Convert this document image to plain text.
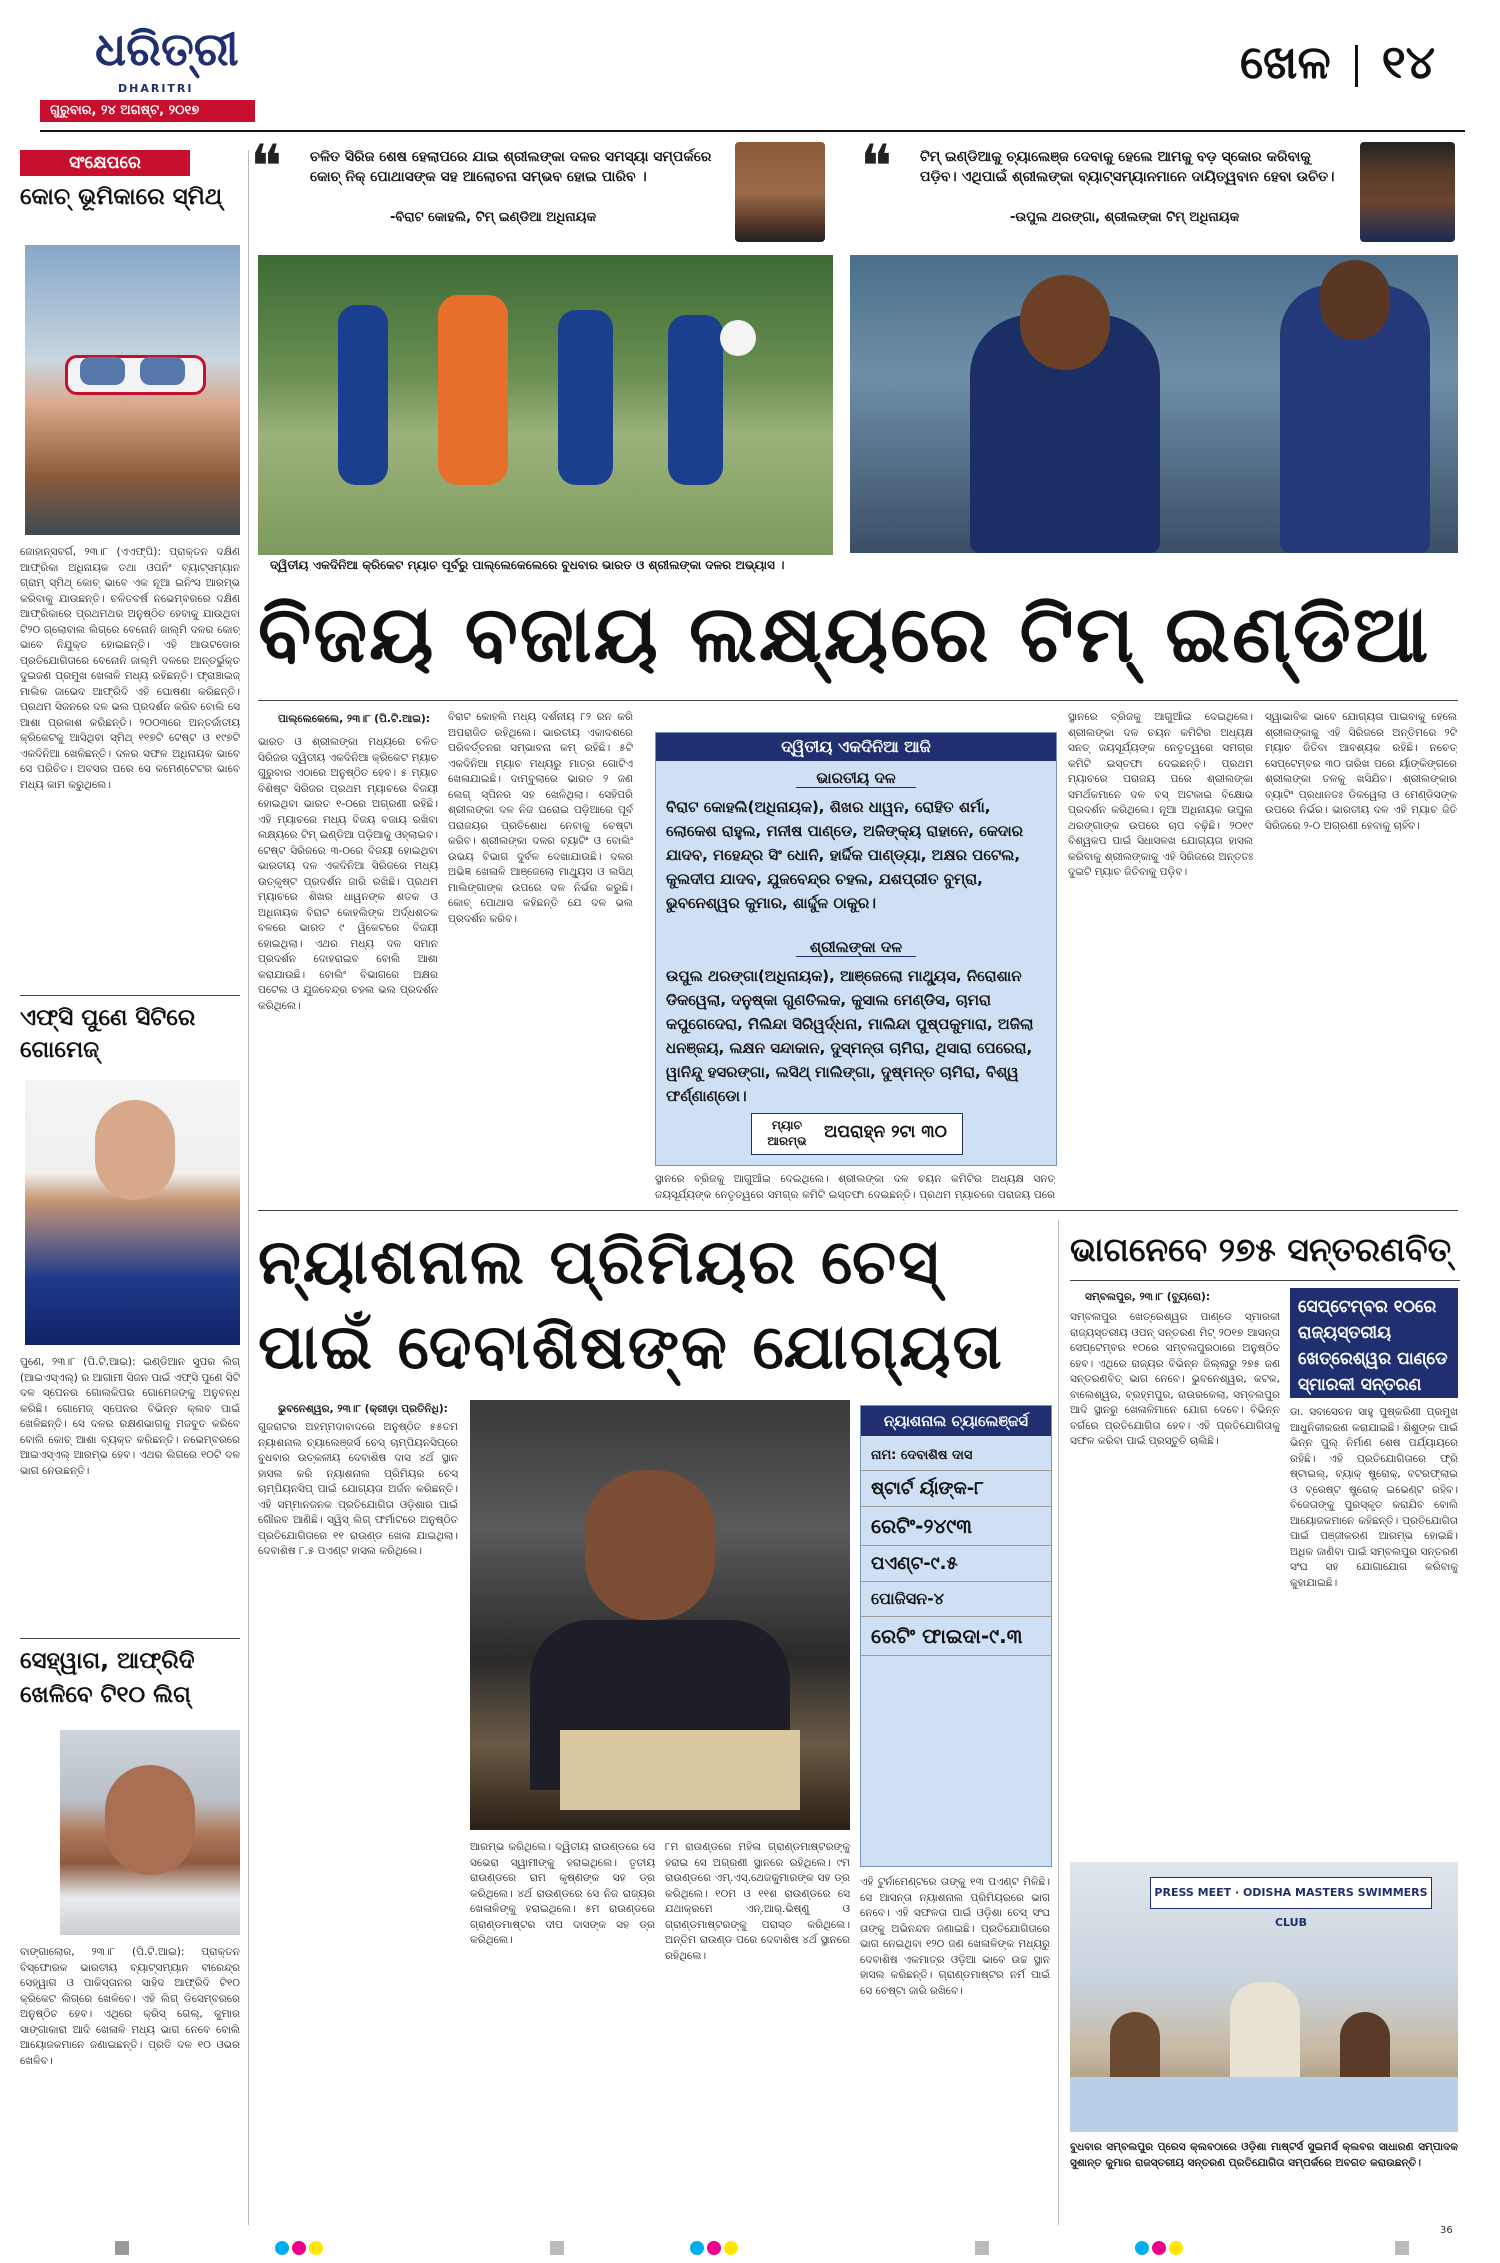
ଧରିତ୍ରୀ
DHARITRI
ଗୁରୁବାର, ୨୪ ଅଗଷ୍ଟ, ୨୦୧୭
ଖେଳ ୧୪
ସଂକ୍ଷେପରେ
କୋଚ୍ ଭୂମିକାରେ ସ୍ମିଥ୍
ଜୋହାନ୍ସବର୍ଗ, ୨୩।୮ (ଏଏଫ୍ପି): ପ୍ରାକ୍ତନ ଦକ୍ଷିଣ ଆଫ୍ରିକା ଅଧିନାୟକ ତଥା ଓପନିଂ ବ୍ୟାଟ୍ସମ୍ୟାନ ଗ୍ରାମ୍ ସ୍ମିଥ୍ କୋଚ୍ ଭାବେ ଏକ ନୂଆ ଇନିଂସ ଆରମ୍ଭ କରିବାକୁ ଯାଉଛନ୍ତି। ଚଳିତବର୍ଷ ନଭେମ୍ବରରେ ଦକ୍ଷିଣ ଆଫ୍ରିକାରେ ପ୍ରଥମଥର ଅନୁଷ୍ଠିତ ହେବାକୁ ଯାଉଥିବା ଟି୨୦ ଗ୍ଲୋବାଲ ଲିଗ୍ରେ ବେନୋନି ଜାଲ୍ମି ଦଳର କୋଚ୍ ଭାବେ ନିଯୁକ୍ତ ହୋଇଛନ୍ତି। ଏହି ଆଉଟଡୋର ପ୍ରତିଯୋଗିତାରେ ବେନୋନି ଜାଲ୍ମି ଦଳରେ ଅନ୍ତର୍ଭୁକ୍ତ ଦୁଇଜଣ ପ୍ରମୁଖ ଖେଳାଳି ମଧ୍ୟ ରହିଛନ୍ତି। ଫ୍ରାଞ୍ଚାଇଜ୍ ମାଲିକ ଜାଭେଦ ଆଫ୍ରିଦି ଏହି ଘୋଷଣା କରିଛନ୍ତି। ପ୍ରଥମ ସିଜନରେ ଦଳ ଭଲ ପ୍ରଦର୍ଶନ କରିବ ବୋଲି ସେ ଆଶା ପ୍ରକାଶ କରିଛନ୍ତି। ୨୦୦୩ରେ ଅନ୍ତର୍ଜାତୀୟ କ୍ରିକେଟକୁ ଆସିଥିବା ସ୍ମିଥ୍ ୧୧୭ଟି ଟେଷ୍ଟ ଓ ୧୯୭ଟି ଏକଦିନିଆ ଖେଳିଛନ୍ତି। ଦଳର ସଫଳ ଅଧିନାୟକ ଭାବେ ସେ ପରିଚିତ। ଅବସର ପରେ ସେ କମେଣ୍ଟେଟର ଭାବେ ମଧ୍ୟ କାମ କରୁଥିଲେ।
ଏଫ୍ସି ପୁଣେ ସିଟିରେ ଗୋମେଜ୍
ପୁଣେ, ୨୩।୮ (ପି.ଟି.ଆଇ): ଇଣ୍ଡିଆନ ସୁପର ଲିଗ୍ (ଆଇଏସ୍ଏଲ୍) ର ଆଗାମୀ ସିଜନ ପାଇଁ ଏଫ୍ସି ପୁଣେ ସିଟି ଦଳ ସ୍ପେନର ଗୋଲକିପର ଗୋମେଜଙ୍କୁ ଅନୁବନ୍ଧ କରିଛି। ଗୋମେଜ୍ ସ୍ପେନର ବିଭିନ୍ନ କ୍ଲବ ପାଇଁ ଖେଳିଛନ୍ତି। ସେ ଦଳର ରକ୍ଷଣଭାଗକୁ ମଜବୁତ କରିବେ ବୋଲି କୋଚ୍ ଆଶା ବ୍ୟକ୍ତ କରିଛନ୍ତି। ନଭେମ୍ବରରେ ଆଇଏସ୍ଏଲ୍ ଆରମ୍ଭ ହେବ। ଏଥର ଲିଗରେ ୧୦ଟି ଦଳ ଭାଗ ନେଉଛନ୍ତି।
ସେହ୍ୱାଗ, ଆଫ୍ରିଦି ଖେଳିବେ ଟି୧୦ ଲିଗ୍
ବାଙ୍ଗାଲୋର, ୨୩।୮ (ପି.ଟି.ଆଇ): ପ୍ରାକ୍ତନ ବିସ୍ଫୋରକ ଭାରତୀୟ ବ୍ୟାଟ୍ସମ୍ୟାନ ବୀରେନ୍ଦ୍ର ସେହ୍ୱାଗ ଓ ପାକିସ୍ତାନର ସାହିଦ ଆଫ୍ରିଦି ଟି୧୦ କ୍ରିକେଟ ଲିଗ୍ରେ ଖେଳିବେ। ଏହି ଲିଗ୍ ଡିସେମ୍ବରରେ ଅନୁଷ୍ଠିତ ହେବ। ଏଥିରେ କ୍ରିସ୍ ଗେଲ୍, କୁମାର ସାଙ୍ଗାକାରା ଆଦି ଖେଳାଳି ମଧ୍ୟ ଭାଗ ନେବେ ବୋଲି ଆୟୋଜକମାନେ ଜଣାଇଛନ୍ତି। ପ୍ରତି ଦଳ ୧୦ ଓଭର ଖେଳିବ।
❝ ଚଳିତ ସିରିଜ ଶେଷ ହେଲାପରେ ଯାଇ ଶ୍ରୀଲଙ୍କା ଦଳର ସମସ୍ୟା ସମ୍ପର୍କରେ କୋଚ୍ ନିକ୍ ପୋଥାସଙ୍କ ସହ ଆଲୋଚନା ସମ୍ଭବ ହୋଇ ପାରିବ ।
-ବିରାଟ କୋହଲି, ଟିମ୍ ଇଣ୍ଡିଆ ଅଧିନାୟକ
❝ ଟିମ୍ ଇଣ୍ଡିଆକୁ ଚ୍ୟାଲେଞ୍ଜ ଦେବାକୁ ହେଲେ ଆମକୁ ବଡ଼ ସ୍କୋର କରିବାକୁ ପଡ଼ିବ। ଏଥିପାଇଁ ଶ୍ରୀଲଙ୍କା ବ୍ୟାଟ୍ସମ୍ୟାନମାନେ ଦାୟିତ୍ୱବାନ ହେବା ଉଚିତ।
-ଉପୁଲ ଥରଙ୍ଗା, ଶ୍ରୀଲଙ୍କା ଟିମ୍ ଅଧିନାୟକ
ଦ୍ୱିତୀୟ ଏକଦିନିଆ କ୍ରିକେଟ ମ୍ୟାଚ ପୂର୍ବରୁ ପାଲ୍ଲେକେଲେରେ ବୁଧବାର ଭାରତ ଓ ଶ୍ରୀଲଙ୍କା ଦଳର ଅଭ୍ୟାସ ।
ବିଜୟ ବଜାୟ ଲକ୍ଷ୍ୟରେ ଟିମ୍ ଇଣ୍ଡିଆ
ପାଲ୍ଲେକେଲେ, ୨୩।୮ (ପି.ଟି.ଆଇ):
ଭାରତ ଓ ଶ୍ରୀଲଙ୍କା ମଧ୍ୟରେ ଚଳିତ ସିରିଜର ଦ୍ୱିତୀୟ ଏକଦିନିଆ କ୍ରିକେଟ ମ୍ୟାଚ ଗୁରୁବାର ଏଠାରେ ଅନୁଷ୍ଠିତ ହେବ। ୫ ମ୍ୟାଚ ବିଶିଷ୍ଟ ସିରିଜର ପ୍ରଥମ ମ୍ୟାଚରେ ବିଜୟୀ ହୋଇଥିବା ଭାରତ ୧-୦ରେ ଅଗ୍ରଣୀ ରହିଛି। ଏହି ମ୍ୟାଚରେ ମଧ୍ୟ ବିଜୟ ବଜାୟ ରଖିବା ଲକ୍ଷ୍ୟରେ ଟିମ୍ ଇଣ୍ଡିଆ ପଡ଼ିଆକୁ ଓହ୍ଲାଇବ। ଟେଷ୍ଟ ସିରିଜରେ ୩-୦ରେ ବିଜୟୀ ହୋଇଥିବା ଭାରତୀୟ ଦଳ ଏକଦିନିଆ ସିରିଜରେ ମଧ୍ୟ ଉତ୍କୃଷ୍ଟ ପ୍ରଦର୍ଶନ ଜାରି ରଖିଛି। ପ୍ରଥମ ମ୍ୟାଚରେ ଶିଖର ଧାୱନଙ୍କ ଶତକ ଓ ଅଧିନାୟକ ବିରାଟ କୋହଲିଙ୍କ ଅର୍ଦ୍ଧଶତକ ବଳରେ ଭାରତ ୯ ୱିକେଟରେ ବିଜୟୀ ହୋଇଥିଲା। ଏଥର ମଧ୍ୟ ଦଳ ସମାନ ପ୍ରଦର୍ଶନ ଦୋହରାଇବ ବୋଲି ଆଶା କରାଯାଉଛି। ବୋଲିଂ ବିଭାଗରେ ଅକ୍ଷର ପଟେଲ ଓ ଯୁଜବେନ୍ଦ୍ର ଚହଲ ଭଲ ପ୍ରଦର୍ଶନ କରିଥିଲେ।
ବିରାଟ କୋହଲି ମଧ୍ୟ ଦର୍ଶନୀୟ ୮୨ ରନ କରି ଅପରାଜିତ ରହିଥିଲେ। ଭାରତୀୟ ଏକାଦଶରେ ପରିବର୍ତ୍ତନର ସମ୍ଭାବନା କମ୍ ରହିଛି। ୫ଟି ଏକଦିନିଆ ମ୍ୟାଚ ମଧ୍ୟରୁ ମାତ୍ର ଗୋଟିଏ ଖେଳାଯାଇଛି। ଦାମ୍ବୁଲାରେ ଭାରତ ୨ ଜଣ ଲେଗ୍ ସ୍ପିନର ସହ ଖେଳିଥିଲା। ସେହିପରି ଶ୍ରୀଲଙ୍କା ଦଳ ନିଜ ଘରୋଇ ପଡ଼ିଆରେ ପୂର୍ବ ପରାଜୟର ପ୍ରତିଶୋଧ ନେବାକୁ ଚେଷ୍ଟା କରିବ। ଶ୍ରୀଲଙ୍କା ଦଳର ବ୍ୟାଟିଂ ଓ ବୋଲିଂ ଉଭୟ ବିଭାଗ ଦୁର୍ବଳ ଦେଖାଯାଉଛି। ଦଳର ଅଭିଜ୍ଞ ଖେଳାଳି ଆଞ୍ଜେଲୋ ମାଥ୍ୟୁସ ଓ ଲସିଥ୍ ମାଲିଙ୍ଗାଙ୍କ ଉପରେ ଦଳ ନିର୍ଭର କରୁଛି। କୋଚ୍ ପୋଥାସ କହିଛନ୍ତି ଯେ ଦଳ ଭଲ ପ୍ରଦର୍ଶନ କରିବ।
ସ୍ଥାନରେ ବ୍ରିଜକୁ ଆଗୁଆଁଇ ଦେଇଥିଲେ। ଶ୍ରୀଲଙ୍କା ଦଳ ଚୟନ କମିଟିର ଅଧ୍ୟକ୍ଷ ସନତ୍ ଜୟସୂର୍ଯ୍ୟଙ୍କ ନେତୃତ୍ୱରେ ସମଗ୍ର କମିଟି ଇସ୍ତଫା ଦେଇଛନ୍ତି। ପ୍ରଥମ ମ୍ୟାଚରେ ପରାଜୟ ପରେ ଶ୍ରୀଲଙ୍କା ସମର୍ଥକମାନେ ଦଳ ବସ୍ ଅଟକାଇ ବିକ୍ଷୋଭ ପ୍ରଦର୍ଶନ କରିଥିଲେ। ନୂଆ ଅଧିନାୟକ ଉପୁଲ ଥରଙ୍ଗାଙ୍କ ଉପରେ ଚାପ ବଢ଼ିଛି। ୨୦୧୯ ବିଶ୍ୱକପ ପାଇଁ ସିଧାସଳଖ ଯୋଗ୍ୟତା ହାସଲ କରିବାକୁ ଶ୍ରୀଲଙ୍କାକୁ ଏହି ସିରିଜରେ ଅନ୍ତତଃ ଦୁଇଟି ମ୍ୟାଚ ଜିତିବାକୁ ପଡ଼ିବ।
ସ୍ୱାଭାବିକ ଭାବେ ଯୋଗ୍ୟତା ପାଇବାକୁ ହେଲେ ଶ୍ରୀଲଙ୍କାକୁ ଏହି ସିରିଜରେ ଅନ୍ତିମରେ ୨ଟି ମ୍ୟାଚ ଜିତିବା ଆବଶ୍ୟକ ରହିଛି। ନଚେତ୍ ସେପ୍ଟେମ୍ବର ୩୦ ତାରିଖ ପରେ ର୍ୟାଙ୍କିଙ୍ଗରେ ଶ୍ରୀଲଙ୍କା ତଳକୁ ଖସିଯିବ। ଶ୍ରୀଲଙ୍କାର ବ୍ୟାଟିଂ ପ୍ରଧାନତଃ ଡିକୱେଲା ଓ ମେଣ୍ଡିସଙ୍କ ଉପରେ ନିର୍ଭର। ଭାରତୀୟ ଦଳ ଏହି ମ୍ୟାଚ ଜିତି ସିରିଜରେ ୨-୦ ଅଗ୍ରଣୀ ହେବାକୁ ଚାହିଁବ।
ଦ୍ୱିତୀୟ ଏକଦିନିଆ ଆଜି
ଭାରତୀୟ ଦଳ
ବିରାଟ କୋହଲି(ଅଧିନାୟକ), ଶିଖର ଧାୱନ, ରୋହିତ ଶର୍ମା, ଲୋକେଶ ରାହୁଲ, ମନୀଷ ପାଣ୍ଡେ, ଅଜିଙ୍କ୍ୟ ରାହାନେ, କେଦାର ଯାଦବ, ମହେନ୍ଦ୍ର ସିଂ ଧୋନି, ହାର୍ଦ୍ଦିକ ପାଣ୍ଡ୍ୟା, ଅକ୍ଷର ପଟେଲ, କୁଲଦୀପ ଯାଦବ, ଯୁଜବେନ୍ଦ୍ର ଚହଲ, ଯଶପ୍ରୀତ ବୁମ୍ରା, ଭୁବନେଶ୍ୱର କୁମାର, ଶାର୍ଦ୍ଦୁଳ ଠାକୁର।
ଶ୍ରୀଲଙ୍କା ଦଳ
ଉପୁଲ ଥରଙ୍ଗା(ଅଧିନାୟକ), ଆଞ୍ଜେଲୋ ମାଥ୍ୟୁସ, ନିରୋଶାନ ଡିକୱେଲା, ଦନୁଷ୍କା ଗୁଣତିଲକ, କୁସାଲ ମେଣ୍ଡିସ, ଚାମରା କପୁଗେଦେରା, ମିଲିନ୍ଦା ସିରିୱର୍ଦ୍ଧନା, ମାଲିନ୍ଦା ପୁଷ୍ପକୁମାରା, ଅଜିଲା ଧନଞ୍ଜୟ, ଲକ୍ଷନ ସନ୍ଦାକାନ, ଦୁସ୍ମନ୍ତା ଚାମିରା, ଥିସାରା ପେରେରା, ୱାନିନ୍ଦୁ ହସରଙ୍ଗା, ଲସିଥ୍ ମାଲିଙ୍ଗା, ଦୁଷ୍ମନ୍ତ ଚାମିରା, ବିଶ୍ୱ ଫର୍ଣ୍ଣାଣ୍ଡୋ।
ମ୍ୟାଚ ଆରମ୍ଭ	ଅପରାହ୍ନ ୨ଟା ୩୦
ସ୍ଥାନରେ ବ୍ରିଜକୁ ଆଗୁଆଁଇ ଦେଇଥିଲେ। ଶ୍ରୀଲଙ୍କା ଦଳ ଚୟନ କମିଟିର ଅଧ୍ୟକ୍ଷ ସନତ୍ ଜୟସୂର୍ଯ୍ୟଙ୍କ ନେତୃତ୍ୱରେ ସମଗ୍ର କମିଟି ଇସ୍ତଫା ଦେଇଛନ୍ତି। ପ୍ରଥମ ମ୍ୟାଚରେ ପରାଜୟ ପରେ
ନ୍ୟାଶନାଲ ପ୍ରିମିୟର ଚେସ୍
ପାଇଁ ଦେବାଶିଷଙ୍କ ଯୋଗ୍ୟତା
ଭୁବନେଶ୍ୱର, ୨୩।୮ (କ୍ରୀଡ଼ା ପ୍ରତିନିଧି):
ଗୁଜରାଟର ଅହମ୍ମଦାବାଦରେ ଅନୁଷ୍ଠିତ ୫୫ତମ ନ୍ୟାଶନାଲ ଚ୍ୟାଲେଞ୍ଜର୍ସ ଚେସ୍ ଚାମ୍ପିୟନସିପ୍ରେ ବୁଧବାର ଉତ୍କଳୀୟ ଦେବାଶିଷ ଦାସ ୪ର୍ଥ ସ୍ଥାନ ହାସଲ କରି ନ୍ୟାଶନାଲ ପ୍ରିମିୟର ଚେସ୍ ଚାମ୍ପିୟନସିପ୍ ପାଇଁ ଯୋଗ୍ୟତା ଅର୍ଜନ କରିଛନ୍ତି। ଏହି ସମ୍ମାନଜନକ ପ୍ରତିଯୋଗିତା ଓଡ଼ିଶାର ପାଇଁ ଗୌରବ ଆଣିଛି। ସ୍ୱିସ୍ ଲିଗ୍ ଫର୍ମାଟରେ ଅନୁଷ୍ଠିତ ପ୍ରତିଯୋଗିତାରେ ୧୧ ରାଉଣ୍ଡ ଖେଳା ଯାଇଥିଲା। ଦେବାଶିଷ ୮.୫ ପଏଣ୍ଟ ହାସଲ କରିଥିଲେ।
ନ୍ୟାଶନାଲ ଚ୍ୟାଲେଞ୍ଜର୍ସ
ନାମ: ଦେବାଶିଷ ଦାସ
ଷ୍ଟାର୍ଟ ର୍ୟାଙ୍କ-୮
ରେଟିଂ-୨୪୯୩
ପଏଣ୍ଟ-୯.୫
ପୋଜିସନ-୪
ରେଟିଂ ଫାଇଦା-୯.୩
ଏହି ଟୁର୍ନାମେଣ୍ଟରେ ତାଙ୍କୁ ୧୩ ପଏଣ୍ଟ ମିଳିଛି। ସେ ଆସନ୍ତା ନ୍ୟାଶନାଲ ପ୍ରିମିୟରରେ ଭାଗ ନେବେ। ଏହି ସଫଳତା ପାଇଁ ଓଡ଼ିଶା ଚେସ୍ ସଂଘ ତାଙ୍କୁ ଅଭିନନ୍ଦନ ଜଣାଇଛି। ପ୍ରତିଯୋଗିତାରେ ଭାଗ ନେଇଥିବା ୧୨୦ ଜଣ ଖେଳାଳିଙ୍କ ମଧ୍ୟରୁ ଦେବାଶିଷ ଏକମାତ୍ର ଓଡ଼ିଆ ଭାବେ ଉଚ୍ଚ ସ୍ଥାନ ହାସଲ କରିଛନ୍ତି। ଗ୍ରାଣ୍ଡମାଷ୍ଟର ନର୍ମ ପାଇଁ ସେ ଚେଷ୍ଟା ଜାରି ରଖିବେ।
ଆରମ୍ଭ କରିଥିଲେ। ଦ୍ୱିତୀୟ ରାଉଣ୍ଡରେ ସେ ସଭେରା ସ୍ୱାମୀଙ୍କୁ ହରାଇଥିଲେ। ତୃତୀୟ ରାଉଣ୍ଡରେ ରାମ କୃଷ୍ଣଙ୍କ ସହ ଡ୍ର କରିଥିଲେ। ୪ର୍ଥ ରାଉଣ୍ଡରେ ସେ ନିଜ ରାଜ୍ୟର ଖେଳାଳିଙ୍କୁ ହରାଇଥିଲେ। ୫ମ ରାଉଣ୍ଡରେ ଗ୍ରାଣ୍ଡମାଷ୍ଟର ଦୀପ ଦାସଙ୍କ ସହ ଡ୍ର କରିଥିଲେ।
୮ମ ରାଉଣ୍ଡରେ ମହିଳା ଗ୍ରାଣ୍ଡମାଷ୍ଟରଙ୍କୁ ହରାଇ ସେ ଅଗ୍ରଣୀ ସ୍ଥାନରେ ରହିଥିଲେ। ୯ମ ରାଉଣ୍ଡରେ ଏମ୍.ଏସ୍.ଥେଜକୁମାରଙ୍କ ସହ ଡ୍ର କରିଥିଲେ। ୧୦ମ ଓ ୧୧ଶ ରାଉଣ୍ଡରେ ସେ ଯଥାକ୍ରମେ ଏନ୍.ଆର୍.ଭିଷ୍ଣୁ ଓ ଗ୍ରାଣ୍ଡମାଷ୍ଟରଙ୍କୁ ପରାସ୍ତ କରିଥିଲେ। ଅନ୍ତିମ ରାଉଣ୍ଡ ପରେ ଦେବାଶିଷ ୪ର୍ଥ ସ୍ଥାନରେ ରହିଥିଲେ।
ଭାଗନେବେ ୨୭୫ ସନ୍ତରଣବିତ୍
ସମ୍ବଲପୁର, ୨୩।୮ (ବ୍ୟୁରୋ):	ସେପ୍ଟେମ୍ବର ୧୦ରେ ରାଜ୍ୟସ୍ତରୀୟ ଖେତ୍ରେଶ୍ୱର ପାଣ୍ଡେ ସ୍ମାରକୀ ସନ୍ତରଣ
ସମ୍ବଲପୁର ଖେତ୍ରେଶ୍ୱର ପାଣ୍ଡେ ସ୍ମାରକୀ ରାଜ୍ୟସ୍ତରୀୟ ଓପନ୍ ସନ୍ତରଣ ମିଟ୍ ୨୦୧୭ ଆସନ୍ତା ସେପ୍ଟେମ୍ବର ୧୦ରେ ସମ୍ବଲପୁରଠାରେ ଅନୁଷ୍ଠିତ ହେବ। ଏଥିରେ ରାଜ୍ୟର ବିଭିନ୍ନ ଜିଲ୍ଲାରୁ ୨୭୫ ଜଣ ସନ୍ତରଣବିତ୍ ଭାଗ ନେବେ। ଭୁବନେଶ୍ୱର, କଟକ, ବାଲେଶ୍ୱର, ବ୍ରହ୍ମପୁର, ରାଉରକେଲା, ସମ୍ବଲପୁର ଆଦି ସ୍ଥାନରୁ ଖେଳାଳିମାନେ ଯୋଗ ଦେବେ। ବିଭିନ୍ନ ବର୍ଗରେ ପ୍ରତିଯୋଗିତା ହେବ। ଏହି ପ୍ରତିଯୋଗିତାକୁ ସଫଳ କରିବା ପାଇଁ ପ୍ରସ୍ତୁତି ଚାଲିଛି।
ଡା. ସବାସେଚନ ସାହୁ ପୁଷ୍କରିଣୀ ପ୍ରମୁଖ ଆଧୁନିକୀକରଣ କରାଯାଇଛି। ଶିଶୁଙ୍କ ପାଇଁ ଭିନ୍ନ ପୁଲ୍ ନିର୍ମାଣ ଶେଷ ପର୍ଯ୍ୟାୟରେ ରହିଛି। ଏହି ପ୍ରତିଯୋଗିତାରେ ଫ୍ରି ଷ୍ଟାଇଲ୍, ବ୍ୟାକ୍ ଷ୍ଟ୍ରୋକ୍, ବଟରଫ୍ଲାଇ ଓ ବ୍ରେଷ୍ଟ ଷ୍ଟ୍ରୋକ୍ ଇଭେଣ୍ଟ ରହିବ। ବିଜେତାଙ୍କୁ ପୁରସ୍କୃତ କରାଯିବ ବୋଲି ଆୟୋଜକମାନେ କହିଛନ୍ତି। ପ୍ରତିଯୋଗିତା ପାଇଁ ପଞ୍ଜୀକରଣ ଆରମ୍ଭ ହୋଇଛି। ଅଧିକ ଜାଣିବା ପାଇଁ ସମ୍ବଲପୁର ସନ୍ତରଣ ସଂଘ ସହ ଯୋଗାଯୋଗ କରିବାକୁ କୁହାଯାଇଛି।
PRESS MEET · ODISHA MASTERS SWIMMERS CLUB
ବୁଧବାର ସମ୍ବଲପୁର ପ୍ରେସ କ୍ଲବଠାରେ ଓଡ଼ିଶା ମାଷ୍ଟର୍ସ ସୁଇମର୍ସ କ୍ଲବର ସାଧାରଣ ସମ୍ପାଦକ ସୁଶାନ୍ତ କୁମାର ରାଜସ୍ତରୀୟ ସନ୍ତରଣ ପ୍ରତିଯୋଗିତା ସମ୍ପର୍କରେ ଅବଗତ କରାଉଛନ୍ତି।
36
